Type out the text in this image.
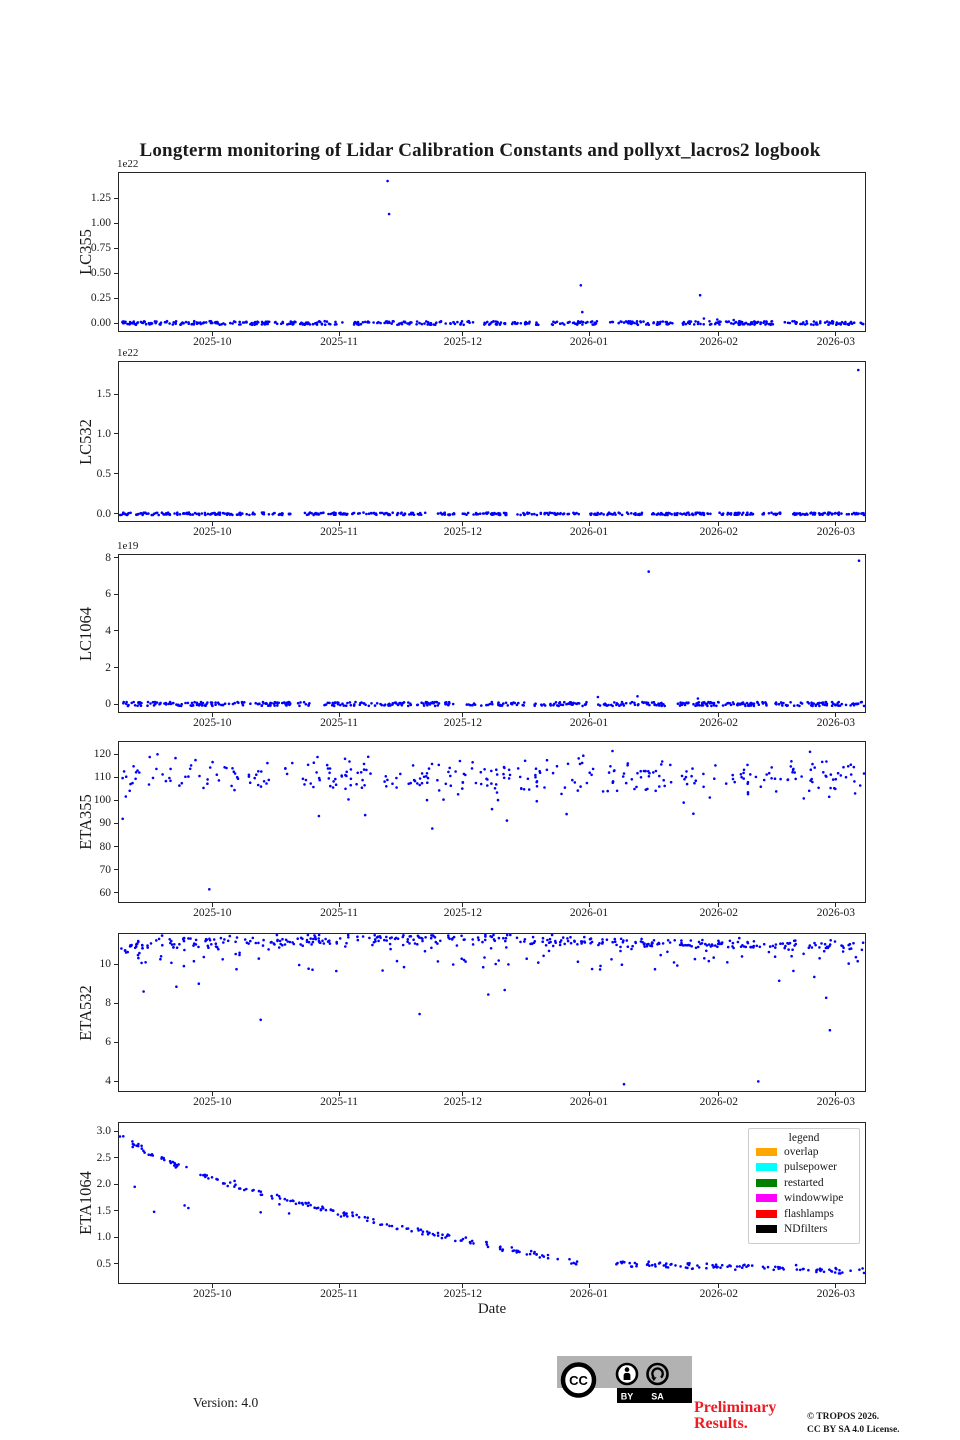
Longterm monitoring of Lidar Calibration Constants and pollyxt_lacros2 logbook
1e22
LC355
0.00
0.25
0.50
0.75
1.00
1.25
2025-10	2025-11	2025-12	2026-01	2026-02	2026-03
1e22
LC532
0.0
0.5
1.0
1.5
2025-10	2025-11	2025-12	2026-01	2026-02	2026-03
1e19
LC1064
0
2
4
6
8
2025-10	2025-11	2025-12	2026-01	2026-02	2026-03
ETA355
60
70
80
90
100
110
120
2025-10	2025-11	2025-12	2026-01	2026-02	2026-03
ETA532
4
6
8
10
2025-10	2025-11	2025-12	2026-01	2026-02	2026-03
ETA1064
0.5
1.0
1.5
2.0
2.5
3.0
2025-10	2025-11	2025-12	2026-01	2026-02	2026-03
legend
overlap
pulsepower
restarted
windowwipe
flashlamps
NDfilters
Date
Version: 4.0
CC
BY SA
Preliminary
Results.	© TROPOS 2026.
CC BY SA 4.0 License.
